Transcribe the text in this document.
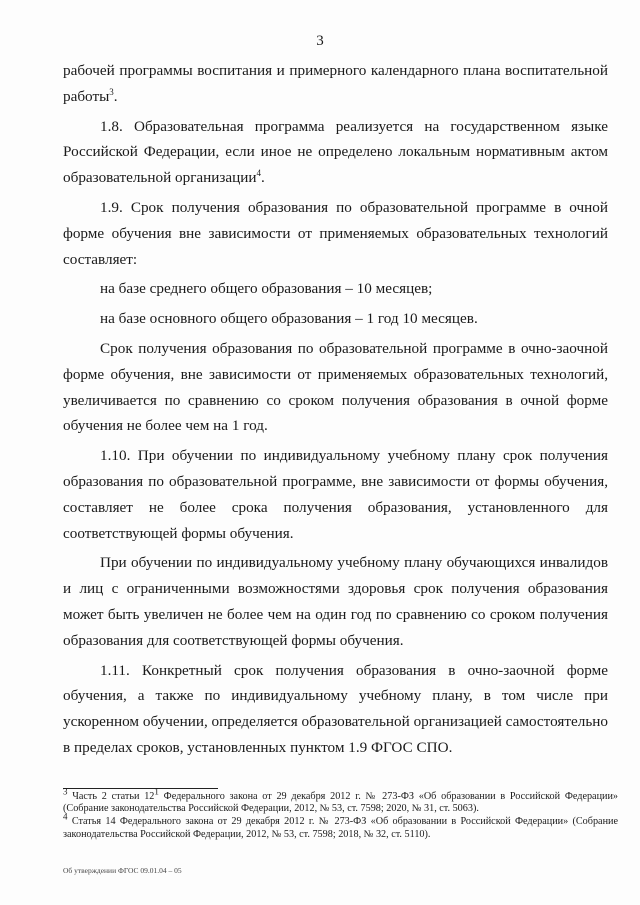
3

рабочей программы воспитания и примерного календарного плана воспитательной работы$^3$.

1.8. Образовательная программа реализуется на государственном языке Российской Федерации, если иное не определено локальным нормативным актом образовательной организации$^4$.

1.9. Срок получения образования по образовательной программе в очной форме обучения вне зависимости от применяемых образовательных технологий составляет:

на базе среднего общего образования – 10 месяцев;

на базе основного общего образования – 1 год 10 месяцев.

Срок получения образования по образовательной программе в очно-заочной форме обучения, вне зависимости от применяемых образовательных технологий, увеличивается по сравнению со сроком получения образования в очной форме обучения не более чем на 1 год.

1.10. При обучении по индивидуальному учебному плану срок получения образования по образовательной программе, вне зависимости от формы обучения, составляет не более срока получения образования, установленного для соответствующей формы обучения.

При обучении по индивидуальному учебному плану обучающихся инвалидов и лиц с ограниченными возможностями здоровья срок получения образования может быть увеличен не более чем на один год по сравнению со сроком получения образования для соответствующей формы обучения.

1.11. Конкретный срок получения образования в очно-заочной форме обучения, а также по индивидуальному учебному плану, в том числе при ускоренном обучении, определяется образовательной организацией самостоятельно в пределах сроков, установленных пунктом 1.9 ФГОС СПО.

$^3$ Часть 2 статьи $12^1$ Федерального закона от 29 декабря 2012 г. № 273-ФЗ «Об образовании в Российской Федерации» (Собрание законодательства Российской Федерации, 2012, № 53, ст. 7598; 2020, № 31, ст. 5063).

$^4$ Статья 14 Федерального закона от 29 декабря 2012 г. № 273-ФЗ «Об образовании в Российской Федерации» (Собрание законодательства Российской Федерации, 2012, № 53, ст. 7598; 2018, № 32, ст. 5110).

Об утверждении ФГОС 09.01.04 – 05
